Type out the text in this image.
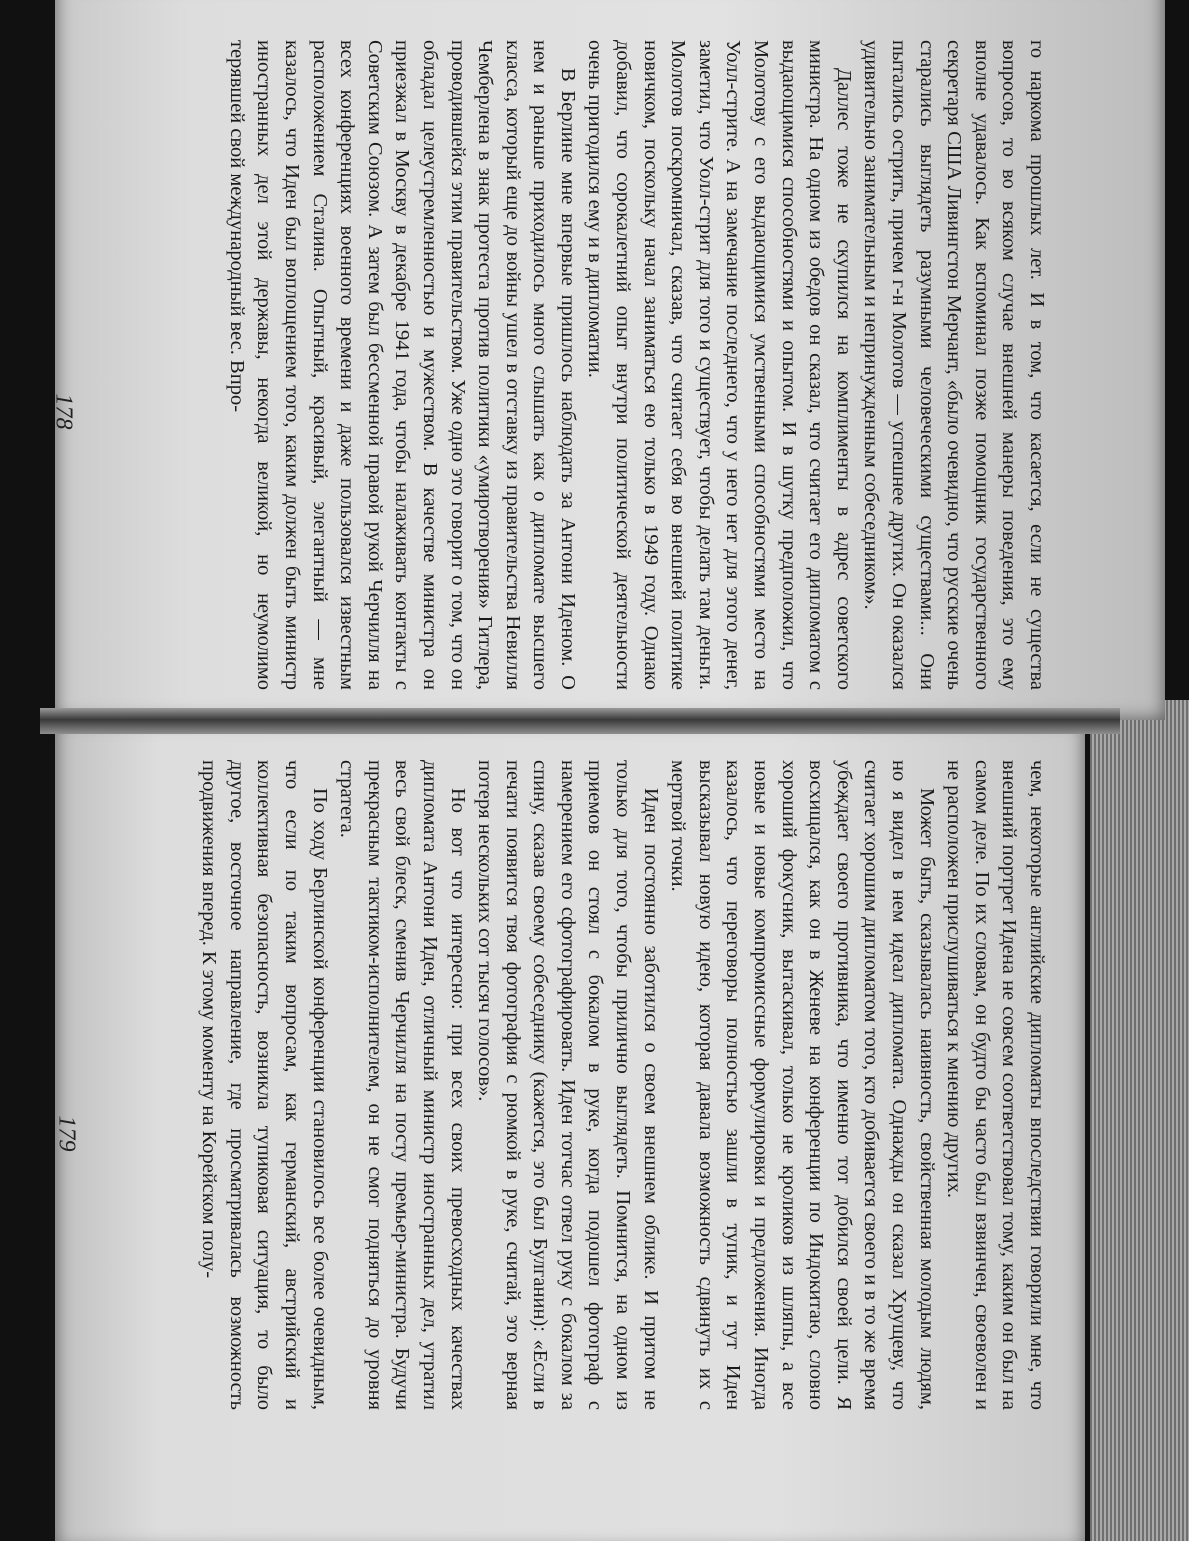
го наркома прошлых лет. И в том, что касается, если не существа вопросов, то во всяком случае внешней манеры поведения, это ему вполне удавалось. Как вспоминал позже помощник государственного секретаря США Ливингстон Мерчант, «было очевидно, что русские очень старались выглядеть разумными человеческими существами... Они пытались острить, причем г-н Молотов — успешнее других. Он оказался удивительно занимательным и непринужденным собеседником».

Даллес тоже не скупился на комплименты в адрес советского министра. На одном из обедов он сказал, что считает его дипломатом с выдающимися способностями и опытом. И в шутку предположил, что Молотову с его выдающимися умственными способностями место на Уолл-стрите. А на замечание последнего, что у него нет для этого денег, заметил, что Уолл-стрит для того и существует, чтобы делать там деньги. Молотов поскромничал, сказав, что считает себя во внешней политике новичком, поскольку начал заниматься ею только в 1949 году. Однако добавил, что сорокалетний опыт внутри политической деятельности очень пригодился ему и в дипломатии.

В Берлине мне впервые пришлось наблюдать за Антони Иденом. О нем и раньше приходилось много слышать как о дипломате высшего класса, который еще до войны ушел в отставку из правительства Невилля Чемберлена в знак протеста против политики «умиротворения» Гитлера, проводившейся этим правительством. Уже одно это говорит о том, что он обладал целеустремленностью и мужеством. В качестве министра он приезжал в Москву в декабре 1941 года, чтобы налаживать контакты с Советским Союзом. А затем был бессменной правой рукой Черчилля на всех конференциях военного времени и даже пользовался известным расположением Сталина. Опытный, красивый, элегантный — мне казалось, что Иден был воплощением того, каким должен быть министр иностранных дел этой державы, некогда великой, но неумолимо терявшей свой международный вес. Впро-

178

чем, некоторые английские дипломаты впоследствии говорили мне, что внешний портрет Идена не совсем соответствовал тому, каким он был на самом деле. По их словам, он будто бы часто был взвинчен, своеволен и не расположен прислушиваться к мнению других.

Может быть, сказывалась наивность, свойственная молодым людям, но я видел в нем идеал дипломата. Однажды он сказал Хрущеву, что считает хорошим дипломатом того, кто добивается своего и в то же время убеждает своего противника, что именно тот добился своей цели. Я восхищался, как он в Женеве на конференции по Индокитаю, словно хороший фокусник, вытаскивал, только не кроликов из шляпы, а все новые и новые компромиссные формулировки и предложения. Иногда казалось, что переговоры полностью зашли в тупик, и тут Иден высказывал новую идею, которая давала возможность сдвинуть их с мертвой точки.

Иден постоянно заботился о своем внешнем облике. И притом не только для того, чтобы прилично выглядеть. Помнится, на одном из приемов он стоял с бокалом в руке, когда подошел фотограф с намерением его сфотографировать. Иден тотчас отвел руку с бокалом за спину, сказав своему собеседнику (кажется, это был Булганин): «Если в печати появится твоя фотография с рюмкой в руке, считай, это верная потеря нескольких сот тысяч голосов».

Но вот что интересно: при всех своих превосходных качествах дипломата Антони Иден, отличный министр иностранных дел, утратил весь свой блеск, сменив Черчилля на посту премьер-министра. Будучи прекрасным тактиком-исполнителем, он не смог подняться до уровня стратега.

По ходу Берлинской конференции становилось все более очевидным, что если по таким вопросам, как германский, австрийский и коллективная безопасность, возникла тупиковая ситуация, то было другое, восточное направление, где просматривалась возможность продвижения вперед. К этому моменту на Корейском полу-

179
